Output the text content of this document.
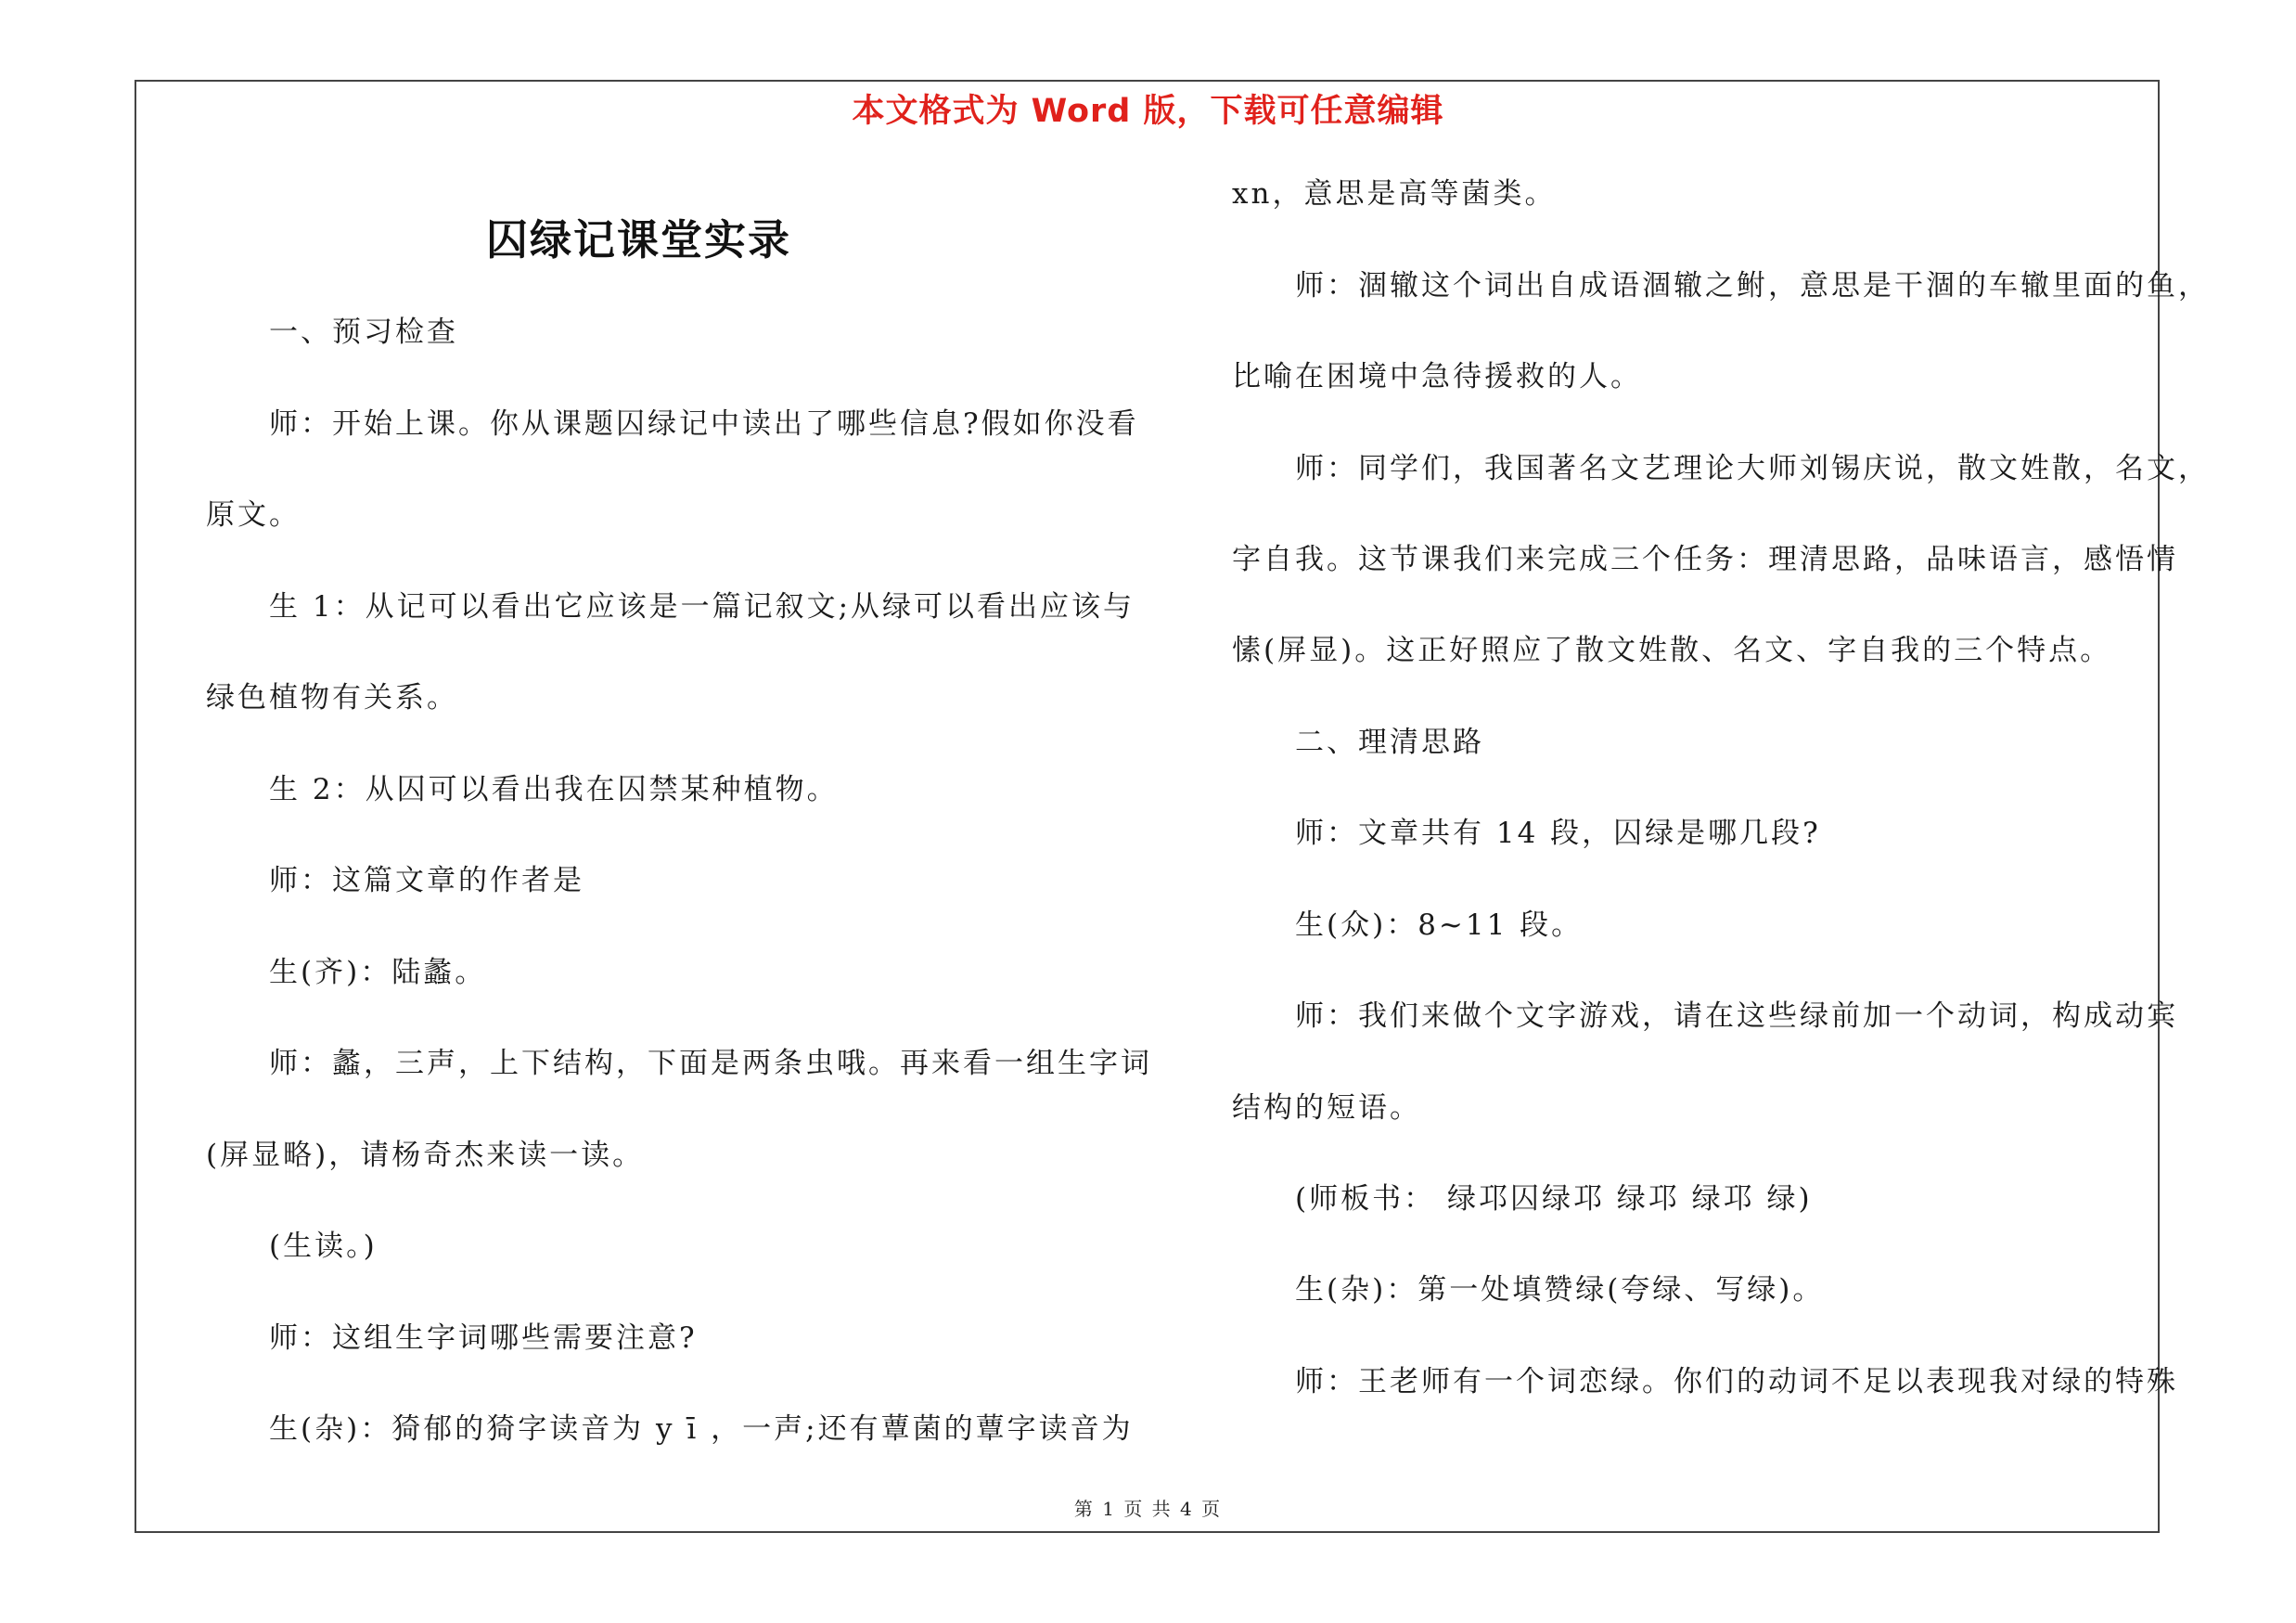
本文格式为 Word 版，下载可任意编辑
囚绿记课堂实录
一、预习检查
师：开始上课。你从课题囚绿记中读出了哪些信息?假如你没看
原文。
生 1：从记可以看出它应该是一篇记叙文;从绿可以看出应该与
绿色植物有关系。
生 2：从囚可以看出我在囚禁某种植物。
师：这篇文章的作者是
生(齐)：陆蠡。
师：蠡，三声，上下结构，下面是两条虫哦。再来看一组生字词
(屏显略)，请杨奇杰来读一读。
(生读。)
师：这组生字词哪些需要注意?
生(杂)：猗郁的猗字读音为 y ī ，一声;还有蕈菌的蕈字读音为
xn，意思是高等菌类。
师：涸辙这个词出自成语涸辙之鲋，意思是干涸的车辙里面的鱼，
比喻在困境中急待援救的人。
师：同学们，我国著名文艺理论大师刘锡庆说，散文姓散，名文，
字自我。这节课我们来完成三个任务：理清思路，品味语言，感悟情
愫(屏显)。这正好照应了散文姓散、名文、字自我的三个特点。
二、理清思路
师：文章共有 14 段，囚绿是哪几段?
生(众)：8~11 段。
师：我们来做个文字游戏，请在这些绿前加一个动词，构成动宾
结构的短语。
(师板书： 绿邛囚绿邛 绿邛 绿邛 绿)
生(杂)：第一处填赞绿(夸绿、写绿)。
师：王老师有一个词恋绿。你们的动词不足以表现我对绿的特殊
第 1 页 共 4 页
